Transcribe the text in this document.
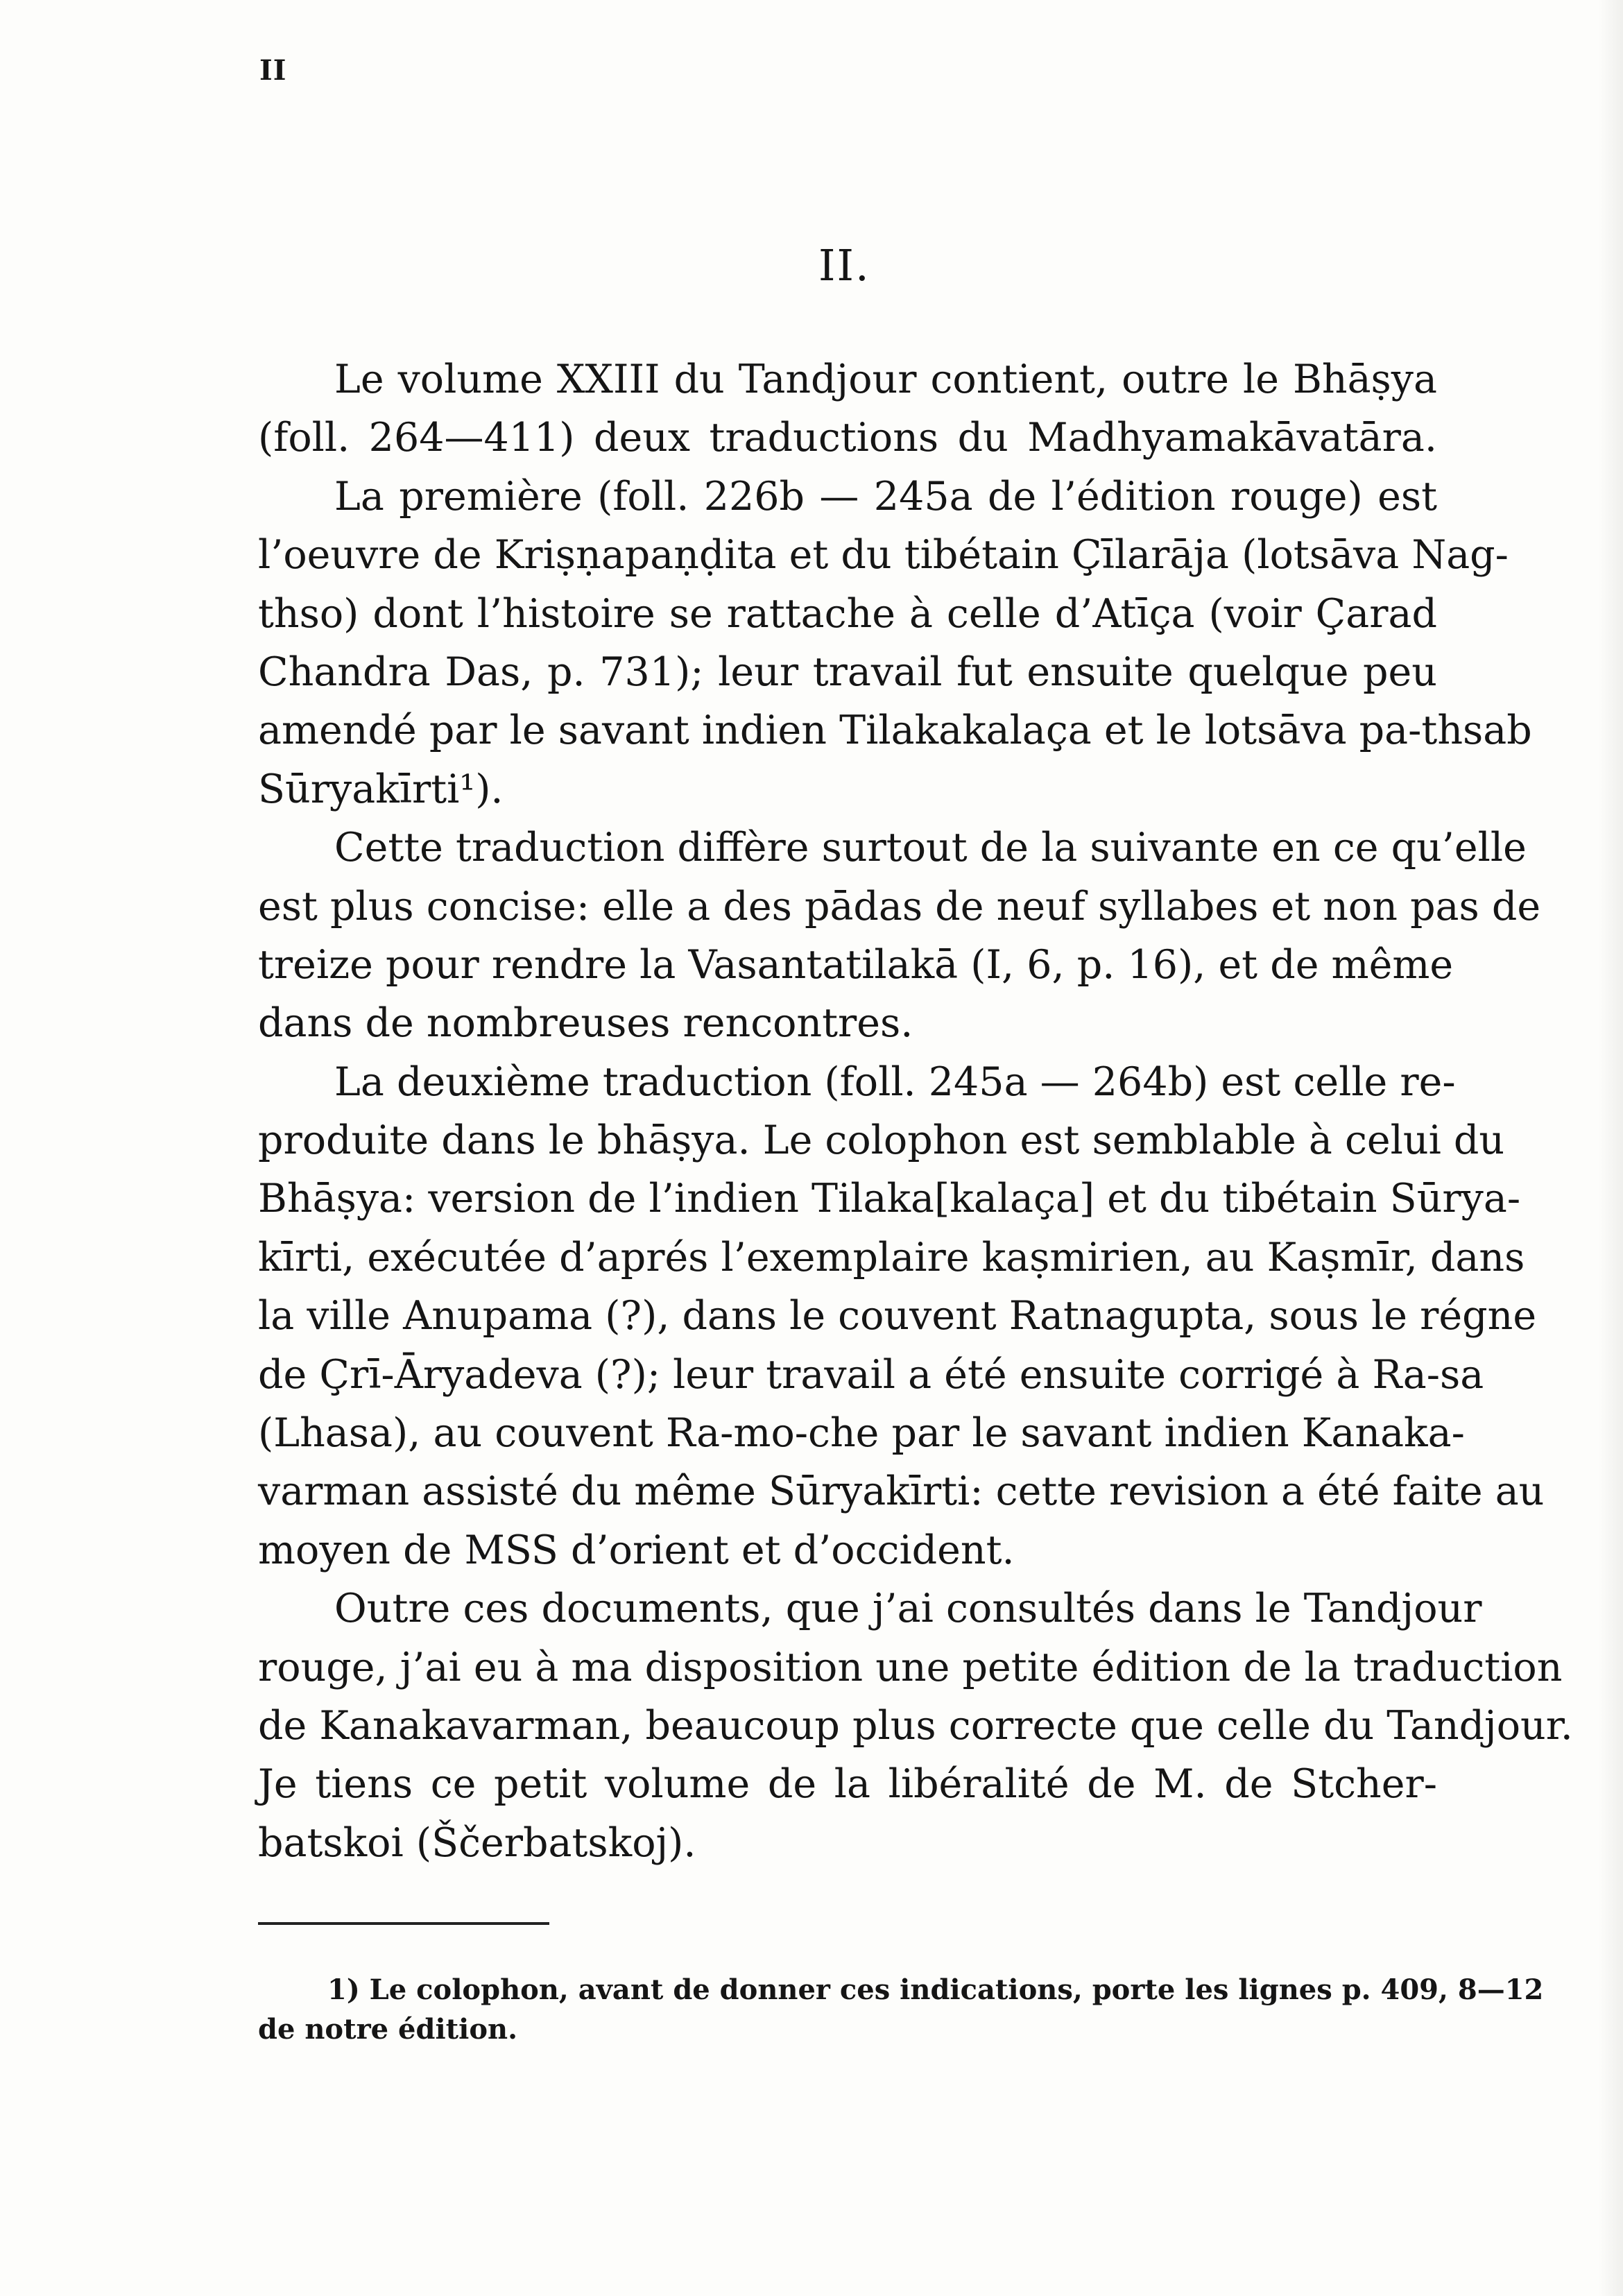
II
II.
Le volume XXIII du Tandjour contient, outre le Bhāṣya
(foll. 264—411) deux traductions du Madhyamakāvatāra.
La première (foll. 226b — 245a de l’édition rouge) est
l’oeuvre de Kriṣṇapaṇḍita et du tibétain Çīlarāja (lotsāva Nag-
thso) dont l’histoire se rattache à celle d’Atīça (voir Çarad
Chandra Das, p. 731); leur travail fut ensuite quelque peu
amendé par le savant indien Tilakakalaça et le lotsāva pa-thsab
Sūryakīrti¹).
Cette traduction diffère surtout de la suivante en ce qu’elle
est plus concise: elle a des pādas de neuf syllabes et non pas de
treize pour rendre la Vasantatilakā (I, 6, p. 16), et de même
dans de nombreuses rencontres.
La deuxième traduction (foll. 245a — 264b) est celle re-
produite dans le bhāṣya. Le colophon est semblable à celui du
Bhāṣya: version de l’indien Tilaka[kalaça] et du tibétain Sūrya-
kīrti, exécutée d’aprés l’exemplaire kaṣmirien, au Kaṣmīr, dans
la ville Anupama (?), dans le couvent Ratnagupta, sous le régne
de Çrī-Āryadeva (?); leur travail a été ensuite corrigé à Ra-sa
(Lhasa), au couvent Ra-mo-che par le savant indien Kanaka-
varman assisté du même Sūryakīrti: cette revision a été faite au
moyen de MSS d’orient et d’occident.
Outre ces documents, que j’ai consultés dans le Tandjour
rouge, j’ai eu à ma disposition une petite édition de la traduction
de Kanakavarman, beaucoup plus correcte que celle du Tandjour.
Je tiens ce petit volume de la libéralité de M. de Stcher-
batskoi (Ščerbatskoj).
1) Le colophon, avant de donner ces indications, porte les lignes p. 409, 8—12
de notre édition.
